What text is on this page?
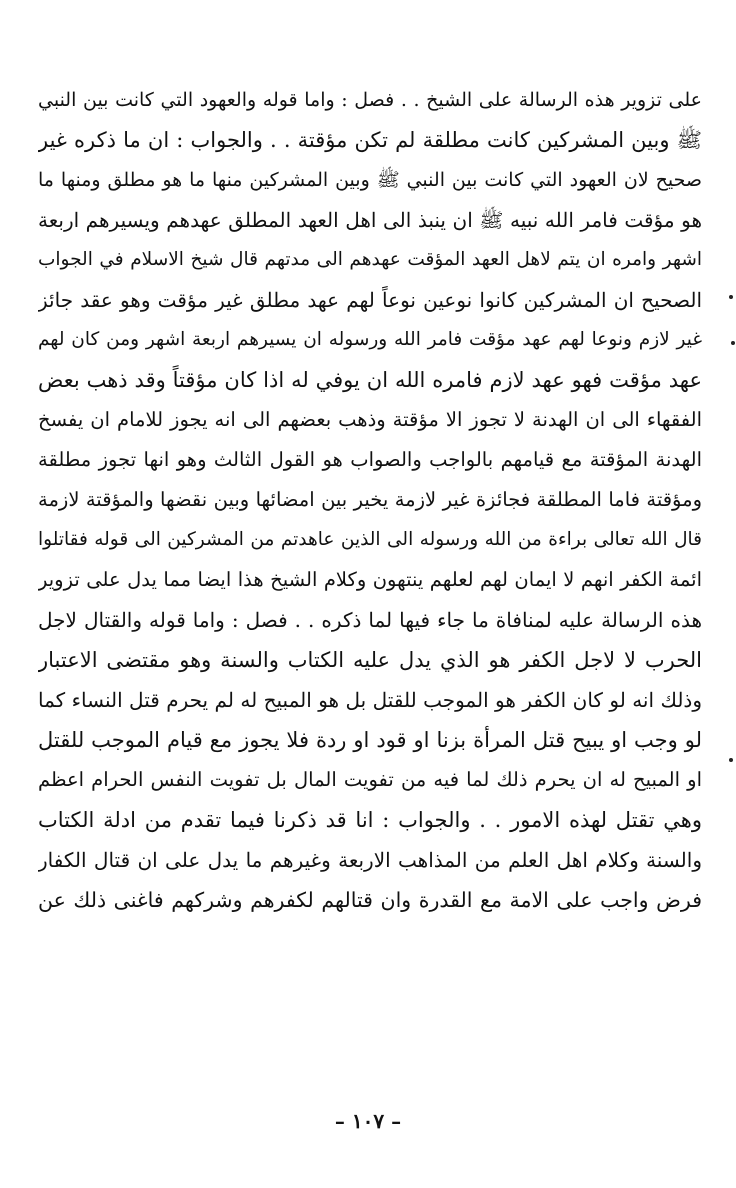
على تزوير هذه الرسالة على الشيخ . . فصل : واما قوله والعهود التي كانت بين النبي
ﷺ وبين المشركين كانت مطلقة لم تكن مؤقتة . . والجواب : ان ما ذكره غير
صحيح لان العهود التي كانت بين النبي ﷺ وبين المشركين منها ما هو مطلق ومنها ما
هو مؤقت فامر الله نبيه ﷺ ان ينبذ الى اهل العهد المطلق عهدهم ويسيرهم اربعة
اشهر وامره ان يتم لاهل العهد المؤقت عهدهم الى مدتهم قال شيخ الاسلام في الجواب
الصحيح ان المشركين كانوا نوعين نوعاً لهم عهد مطلق غير مؤقت وهو عقد جائز
غير لازم ونوعا لهم عهد مؤقت فامر الله ورسوله ان يسيرهم اربعة اشهر ومن كان لهم
عهد مؤقت فهو عهد لازم فامره الله ان يوفي له اذا كان مؤقتاً وقد ذهب بعض
الفقهاء الى ان الهدنة لا تجوز الا مؤقتة وذهب بعضهم الى انه يجوز للامام ان يفسخ
الهدنة المؤقتة مع قيامهم بالواجب والصواب هو القول الثالث وهو انها تجوز مطلقة
ومؤقتة فاما المطلقة فجائزة غير لازمة يخير بين امضائها وبين نقضها والمؤقتة لازمة
قال الله تعالى براءة من الله ورسوله الى الذين عاهدتم من المشركين الى قوله فقاتلوا
ائمة الكفر انهم لا ايمان لهم لعلهم ينتهون وكلام الشيخ هذا ايضا مما يدل على تزوير
هذه الرسالة عليه لمنافاة ما جاء فيها لما ذكره . . فصل : واما قوله والقتال لاجل
الحرب لا لاجل الكفر هو الذي يدل عليه الكتاب والسنة وهو مقتضى الاعتبار
وذلك انه لو كان الكفر هو الموجب للقتل بل هو المبيح له لم يحرم قتل النساء كما
لو وجب او يبيح قتل المرأة بزنا او قود او ردة فلا يجوز مع قيام الموجب للقتل
او المبيح له ان يحرم ذلك لما فيه من تفويت المال بل تفويت النفس الحرام اعظم
وهي تقتل لهذه الامور . . والجواب : انا قد ذكرنا فيما تقدم من ادلة الكتاب
والسنة وكلام اهل العلم من المذاهب الاربعة وغيرهم ما يدل على ان قتال الكفار
فرض واجب على الامة مع القدرة وان قتالهم لكفرهم وشركهم فاغنى ذلك عن
– ١٠٧ –
